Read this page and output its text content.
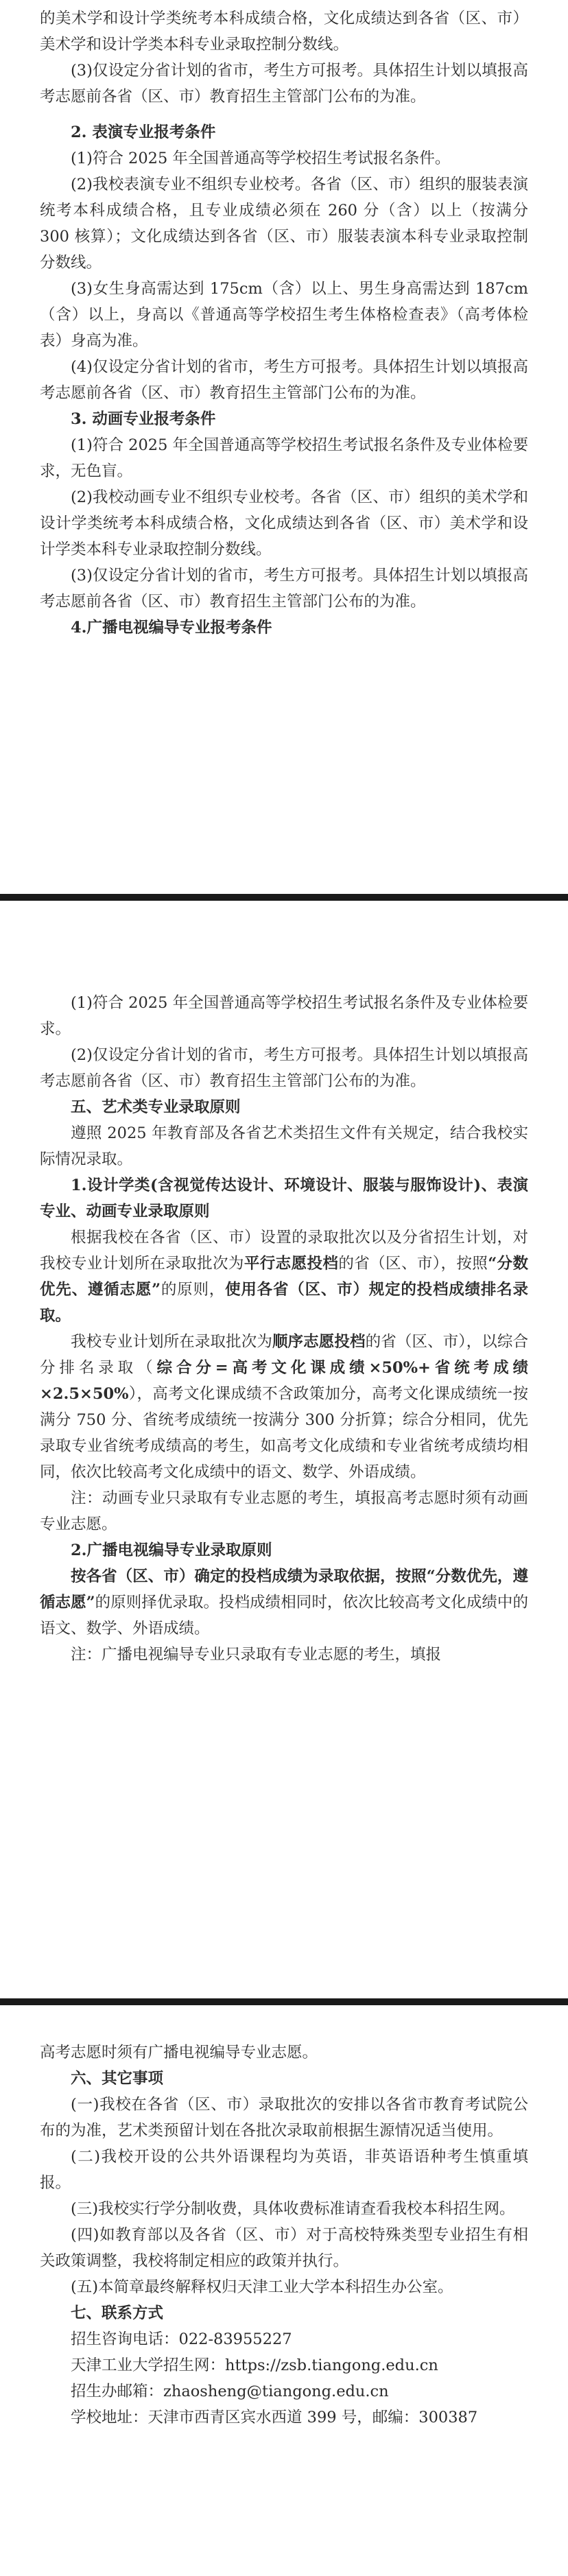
的美术学和设计学类统考本科成绩合格，文化成绩达到各省（区、市）美术学和设计学类本科专业录取控制分数线。

(3)仅设定分省计划的省市，考生方可报考。具体招生计划以填报高考志愿前各省（区、市）教育招生主管部门公布的为准。

2. 表演专业报考条件

(1)符合 2025 年全国普通高等学校招生考试报名条件。

(2)我校表演专业不组织专业校考。各省（区、市）组织的服装表演统考本科成绩合格，且专业成绩必须在 260 分（含）以上（按满分 300 核算）；文化成绩达到各省（区、市）服装表演本科专业录取控制分数线。

(3)女生身高需达到 175cm（含）以上、男生身高需达到 187cm（含）以上，身高以《普通高等学校招生考生体格检查表》（高考体检表）身高为准。

(4)仅设定分省计划的省市，考生方可报考。具体招生计划以填报高考志愿前各省（区、市）教育招生主管部门公布的为准。

3. 动画专业报考条件

(1)符合 2025 年全国普通高等学校招生考试报名条件及专业体检要求，无色盲。

(2)我校动画专业不组织专业校考。各省（区、市）组织的美术学和设计学类统考本科成绩合格，文化成绩达到各省（区、市）美术学和设计学类本科专业录取控制分数线。

(3)仅设定分省计划的省市，考生方可报考。具体招生计划以填报高考志愿前各省（区、市）教育招生主管部门公布的为准。

4.广播电视编导专业报考条件

(1)符合 2025 年全国普通高等学校招生考试报名条件及专业体检要求。

(2)仅设定分省计划的省市，考生方可报考。具体招生计划以填报高考志愿前各省（区、市）教育招生主管部门公布的为准。

五、艺术类专业录取原则

遵照 2025 年教育部及各省艺术类招生文件有关规定，结合我校实际情况录取。

1.设计学类(含视觉传达设计、环境设计、服装与服饰设计)、表演专业、动画专业录取原则

根据我校在各省（区、市）设置的录取批次以及分省招生计划，对我校专业计划所在录取批次为平行志愿投档的省（区、市），按照“分数优先、遵循志愿”的原则，使用各省（区、市）规定的投档成绩排名录取。

我校专业计划所在录取批次为顺序志愿投档的省（区、市），以综合分排名录取（综合分=高考文化课成绩×50%+省统考成绩×2.5×50%），高考文化课成绩不含政策加分，高考文化课成绩统一按满分 750 分、省统考成绩统一按满分 300 分折算；综合分相同，优先录取专业省统考成绩高的考生，如高考文化成绩和专业省统考成绩均相同，依次比较高考文化成绩中的语文、数学、外语成绩。

注：动画专业只录取有专业志愿的考生，填报高考志愿时须有动画专业志愿。

2.广播电视编导专业录取原则

按各省（区、市）确定的投档成绩为录取依据，按照“分数优先，遵循志愿”的原则择优录取。投档成绩相同时，依次比较高考文化成绩中的语文、数学、外语成绩。

注：广播电视编导专业只录取有专业志愿的考生，填报

高考志愿时须有广播电视编导专业志愿。

六、其它事项

(一)我校在各省（区、市）录取批次的安排以各省市教育考试院公布的为准，艺术类预留计划在各批次录取前根据生源情况适当使用。

(二)我校开设的公共外语课程均为英语，非英语语种考生慎重填报。

(三)我校实行学分制收费，具体收费标准请查看我校本科招生网。

(四)如教育部以及各省（区、市）对于高校特殊类型专业招生有相关政策调整，我校将制定相应的政策并执行。

(五)本简章最终解释权归天津工业大学本科招生办公室。

七、联系方式

招生咨询电话：022-83955227

天津工业大学招生网：https://zsb.tiangong.edu.cn

招生办邮箱：zhaosheng@tiangong.edu.cn

学校地址：天津市西青区宾水西道 399 号，邮编：300387
